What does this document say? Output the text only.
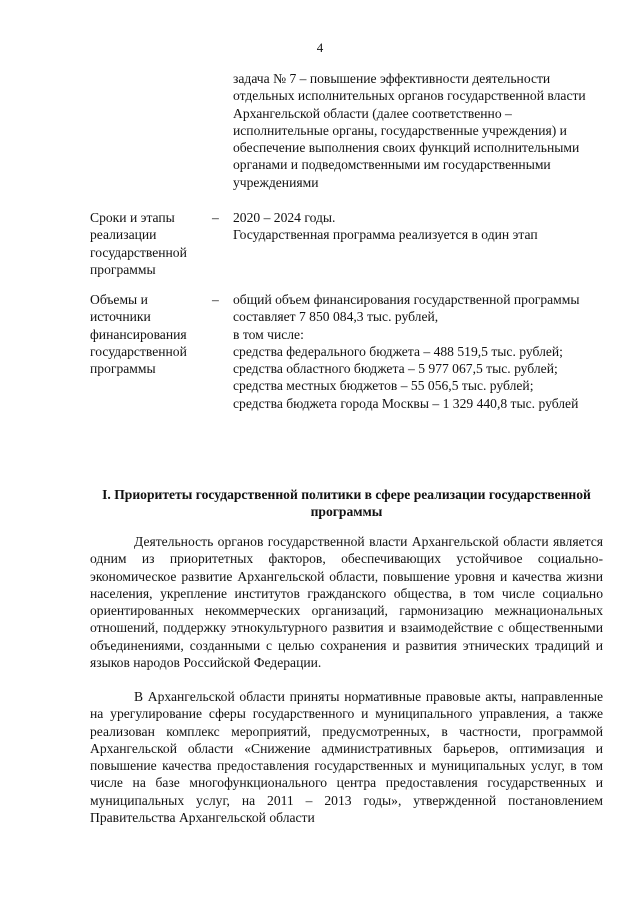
4
задача № 7 – повышение эффективности деятельности отдельных исполнительных органов государственной власти Архангельской области (далее соответственно – исполнительные органы, государственные учреждения) и обеспечение выполнения своих функций исполнительными органами и подведомственными им государственными учреждениями
Сроки и этапы реализации государственной программы
– 2020 – 2024 годы.
Государственная программа реализуется в один этап
Объемы и источники финансирования государственной программы
– общий объем финансирования государственной программы составляет 7 850 084,3 тыс. рублей,
в том числе:
средства федерального бюджета – 488 519,5 тыс. рублей;
средства областного бюджета – 5 977 067,5 тыс. рублей;
средства местных бюджетов – 55 056,5 тыс. рублей;
средства бюджета города Москвы – 1 329 440,8 тыс. рублей
I. Приоритеты государственной политики в сфере реализации государственной программы
Деятельность органов государственной власти Архангельской области является одним из приоритетных факторов, обеспечивающих устойчивое социально-экономическое развитие Архангельской области, повышение уровня и качества жизни населения, укрепление институтов гражданского общества, в том числе социально ориентированных некоммерческих организаций, гармонизацию межнациональных отношений, поддержку этнокультурного развития и взаимодействие с общественными объединениями, созданными с целью сохранения и развития этнических традиций и языков народов Российской Федерации.
В Архангельской области приняты нормативные правовые акты, направленные на урегулирование сферы государственного и муниципального управления, а также реализован комплекс мероприятий, предусмотренных, в частности, программой Архангельской области «Снижение административных барьеров, оптимизация и повышение качества предоставления государственных и муниципальных услуг, в том числе на базе многофункционального центра предоставления государственных и муниципальных услуг, на 2011 – 2013 годы», утвержденной постановлением Правительства Архангельской области
